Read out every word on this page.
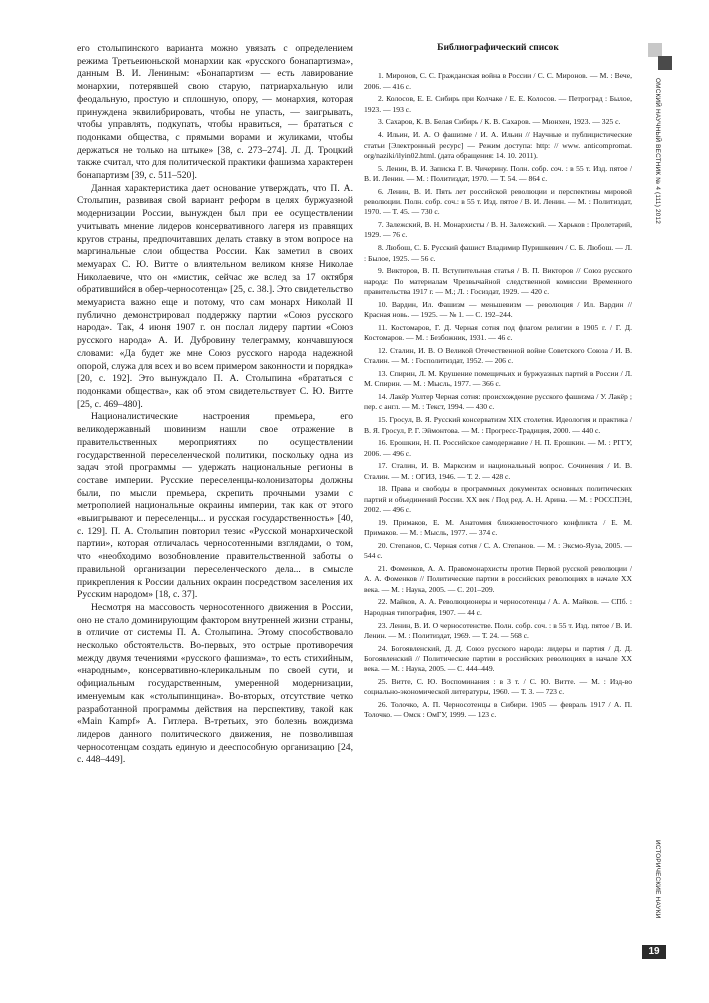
его столыпинского варианта можно увязать с определением режима Третьеиюньской монархии как «русского бонапартизма», данным В. И. Лениным: «Бонапартизм — есть лавирование монархии, потерявшей свою старую, патриархальную или феодальную, простую и сплошную, опору, — монархия, которая принуждена эквилибрировать, чтобы не упасть, — заигрывать, чтобы управлять, подкупать, чтобы нравиться, — брататься с подонками общества, с прямыми ворами и жуликами, чтобы держаться не только на штыке» [38, с. 273–274]. Л. Д. Троцкий также считал, что для политической практики фашизма характерен бонапартизм [39, с. 511–520].

Данная характеристика дает основание утверждать, что П. А. Столыпин, развивая свой вариант реформ в целях буржуазной модернизации России, вынужден был при ее осуществлении учитывать мнение лидеров консервативного лагеря из правящих кругов страны, предпочитавших делать ставку в этом вопросе на маргинальные слои общества России. Как заметил в своих мемуарах С. Ю. Витте о влиятельном великом князе Николае Николаевиче, что он «мистик, сейчас же вслед за 17 октября обратившийся в обер-черносотенца» [25, с. 38.]. Это свидетельство мемуариста важно еще и потому, что сам монарх Николай II публично демонстрировал поддержку партии «Союз русского народа». Так, 4 июня 1907 г. он послал лидеру партии «Союз русского народа» А. И. Дубровину телеграмму, кончавшуюся словами: «Да будет же мне Союз русского народа надежной опорой, служа для всех и во всем примером законности и порядка» [20, с. 192]. Это вынуждало П. А. Столыпина «брататься с подонками общества», как об этом свидетельствует С. Ю. Витте [25, с. 469–480].

Националистические настроения премьера, его великодержавный шовинизм нашли свое отражение в правительственных мероприятиях по осуществлении государственной переселенческой политики, поскольку одна из задач этой программы — удержать национальные регионы в составе империи. Русские переселенцы-колонизаторы должны были, по мысли премьера, скрепить прочными узами с метрополией национальные окраины империи, так как от этого «выигрывают и переселенцы... и русская государственность» [40, с. 129]. П. А. Столыпин повторил тезис «Русской монархической партии», которая отличалась черносотенными взглядами, о том, что «необходимо возобновление правительственной заботы о правильной организации переселенческого дела... в смысле прикрепления к России дальних окраин посредством заселения их Русским народом» [18, с. 37].

Несмотря на массовость черносотенного движения в России, оно не стало доминирующим фактором внутренней жизни страны, в отличие от системы П. А. Столыпина. Этому способствовало несколько обстоятельств. Во-первых, это острые противоречия между двумя течениями «русского фашизма», то есть стихийным, «народным», консервативно-клерикальным по своей сути, и официальным государственным, умеренной модернизации, именуемым как «столыпинщина». Во-вторых, отсутствие четко разработанной программы действия на перспективу, такой как «Main Kampf» А. Гитлера. В-третьих, это болезнь вождизма лидеров данного политического движения, не позволившая черносотенцам создать единую и дееспособную организацию [24, с. 448–449].

Библиографический список
1. Миронов, С. С. Гражданская война в России / С. С. Миронов. — М. : Вече, 2006. — 416 с.
2. Колосов, Е. Е. Сибирь при Колчаке / Е. Е. Колосов. — Петроград : Былое, 1923. — 193 с.
3. Сахаров, К. В. Белая Сибирь / К. В. Сахаров. — Мюнхен, 1923. — 325 с.
4. Ильин, И. А. О фашизме / И. А. Ильин // Научные и публицистические статьи [Электронный ресурс] — Режим доступа: http: // www. anticompromat. org/naziki/ilyin02.html. (дата обращения: 14. 10. 2011).
5. Ленин, В. И. Записка Г. В. Чичерину. Полн. собр. соч. : в 55 т. Изд. пятое / В. И. Ленин. — М. : Политиздат, 1970. — Т. 54. — 864 с.
6. Ленин, В. И. Пять лет российской революции и перспективы мировой революции. Полн. собр. соч.: в 55 т. Изд. пятое / В. И. Ленин. — М. : Политиздат, 1970. — Т. 45. — 730 с.
7. Залежский, В. Н. Монархисты / В. Н. Залежский. — Харьков : Пролетарий, 1929. — 76 с.
8. Любош, С. Б. Русский фашист Владимир Пуришкевич / С. Б. Любош. — Л. : Былое, 1925. — 56 с.
9. Викторов, В. П. Вступительная статья / В. П. Викторов // Союз русского народа: По материалам Чрезвычайной следственной комиссии Временного правительства 1917 г. — М.; Л. : Госиздат, 1929. — 420 с.
10. Вардин, Ил. Фашизм — меньшевизм — революция / Ил. Вардин // Красная новь. — 1925. — № 1. — С. 192–244.
11. Костомаров, Г. Д. Черная сотня под флагом религии в 1905 г. / Г. Д. Костомаров. — М. : Безбожник, 1931. — 46 с.
12. Сталин, И. В. О Великой Отечественной войне Советского Союза / И. В. Сталин. — М. : Госполитиздат, 1952. — 206 с.
13. Спирин, Л. М. Крушение помещичьих и буржуазных партий в России / Л. М. Спирин. — М. : Мысль, 1977. — 366 с.
14. Лакёр Уолтер Черная сотня: происхождение русского фашизма / У. Лакёр ; пер. с англ. — М. : Текст, 1994. — 430 с.
15. Гросул, В. Я. Русский консерватизм XIX столетия. Идеология и практика / В. Я. Гросул, Р. Г. Эймонтова. — М. : Прогресс-Традиция, 2000. — 440 с.
16. Ерошкин, Н. П. Российское самодержавие / Н. П. Ерошкин. — М. : РГГУ, 2006. — 496 с.
17. Сталин, И. В. Марксизм и национальный вопрос. Сочинения / И. В. Сталин. — М. : ОГИЗ, 1946. — Т. 2. — 428 с.
18. Права и свободы в программных документах основных политических партий и объединений России. XX век / Под ред. А. Н. Арина. — М. : РОССПЭН, 2002. — 496 с.
19. Примаков, Е. М. Анатомия ближневосточного конфликта / Е. М. Примаков. — М. : Мысль, 1977. — 374 с.
20. Степанов, С. Черная сотня / С. А. Степанов. — М. : Эксмо-Яуза, 2005. — 544 с.
21. Фоменков, А. А. Правомонархисты против Первой русской революции / А. А. Фоменков // Политические партии в российских революциях в начале XX века. — М. : Наука, 2005. — С. 201–209.
22. Майков, А. А. Революционеры и черносотенцы / А. А. Майков. — СПб. : Народная типография, 1907. — 44 с.
23. Ленин, В. И. О черносотенстве. Полн. собр. соч. : в 55 т. Изд. пятое / В. И. Ленин. — М. : Политиздат, 1969. — Т. 24. — 568 с.
24. Богоявленский, Д. Д. Союз русского народа: лидеры и партия / Д. Д. Богоявленский // Политические партии в российских революциях в начале XX века. — М. : Наука, 2005. — С. 444–449.
25. Витте, С. Ю. Воспоминания : в 3 т. / С. Ю. Витте. — М. : Изд-во социально-экономической литературы, 1960. — Т. 3. — 723 с.
26. Толочко, А. П. Черносотенцы в Сибири. 1905 — февраль 1917 / А. П. Толочко. — Омск : ОмГУ, 1999. — 123 с.
ОМСКИЙ НАУЧНЫЙ ВЕСТНИК № 4 (111) 2012
ИСТОРИЧЕСКИЕ НАУКИ
19
